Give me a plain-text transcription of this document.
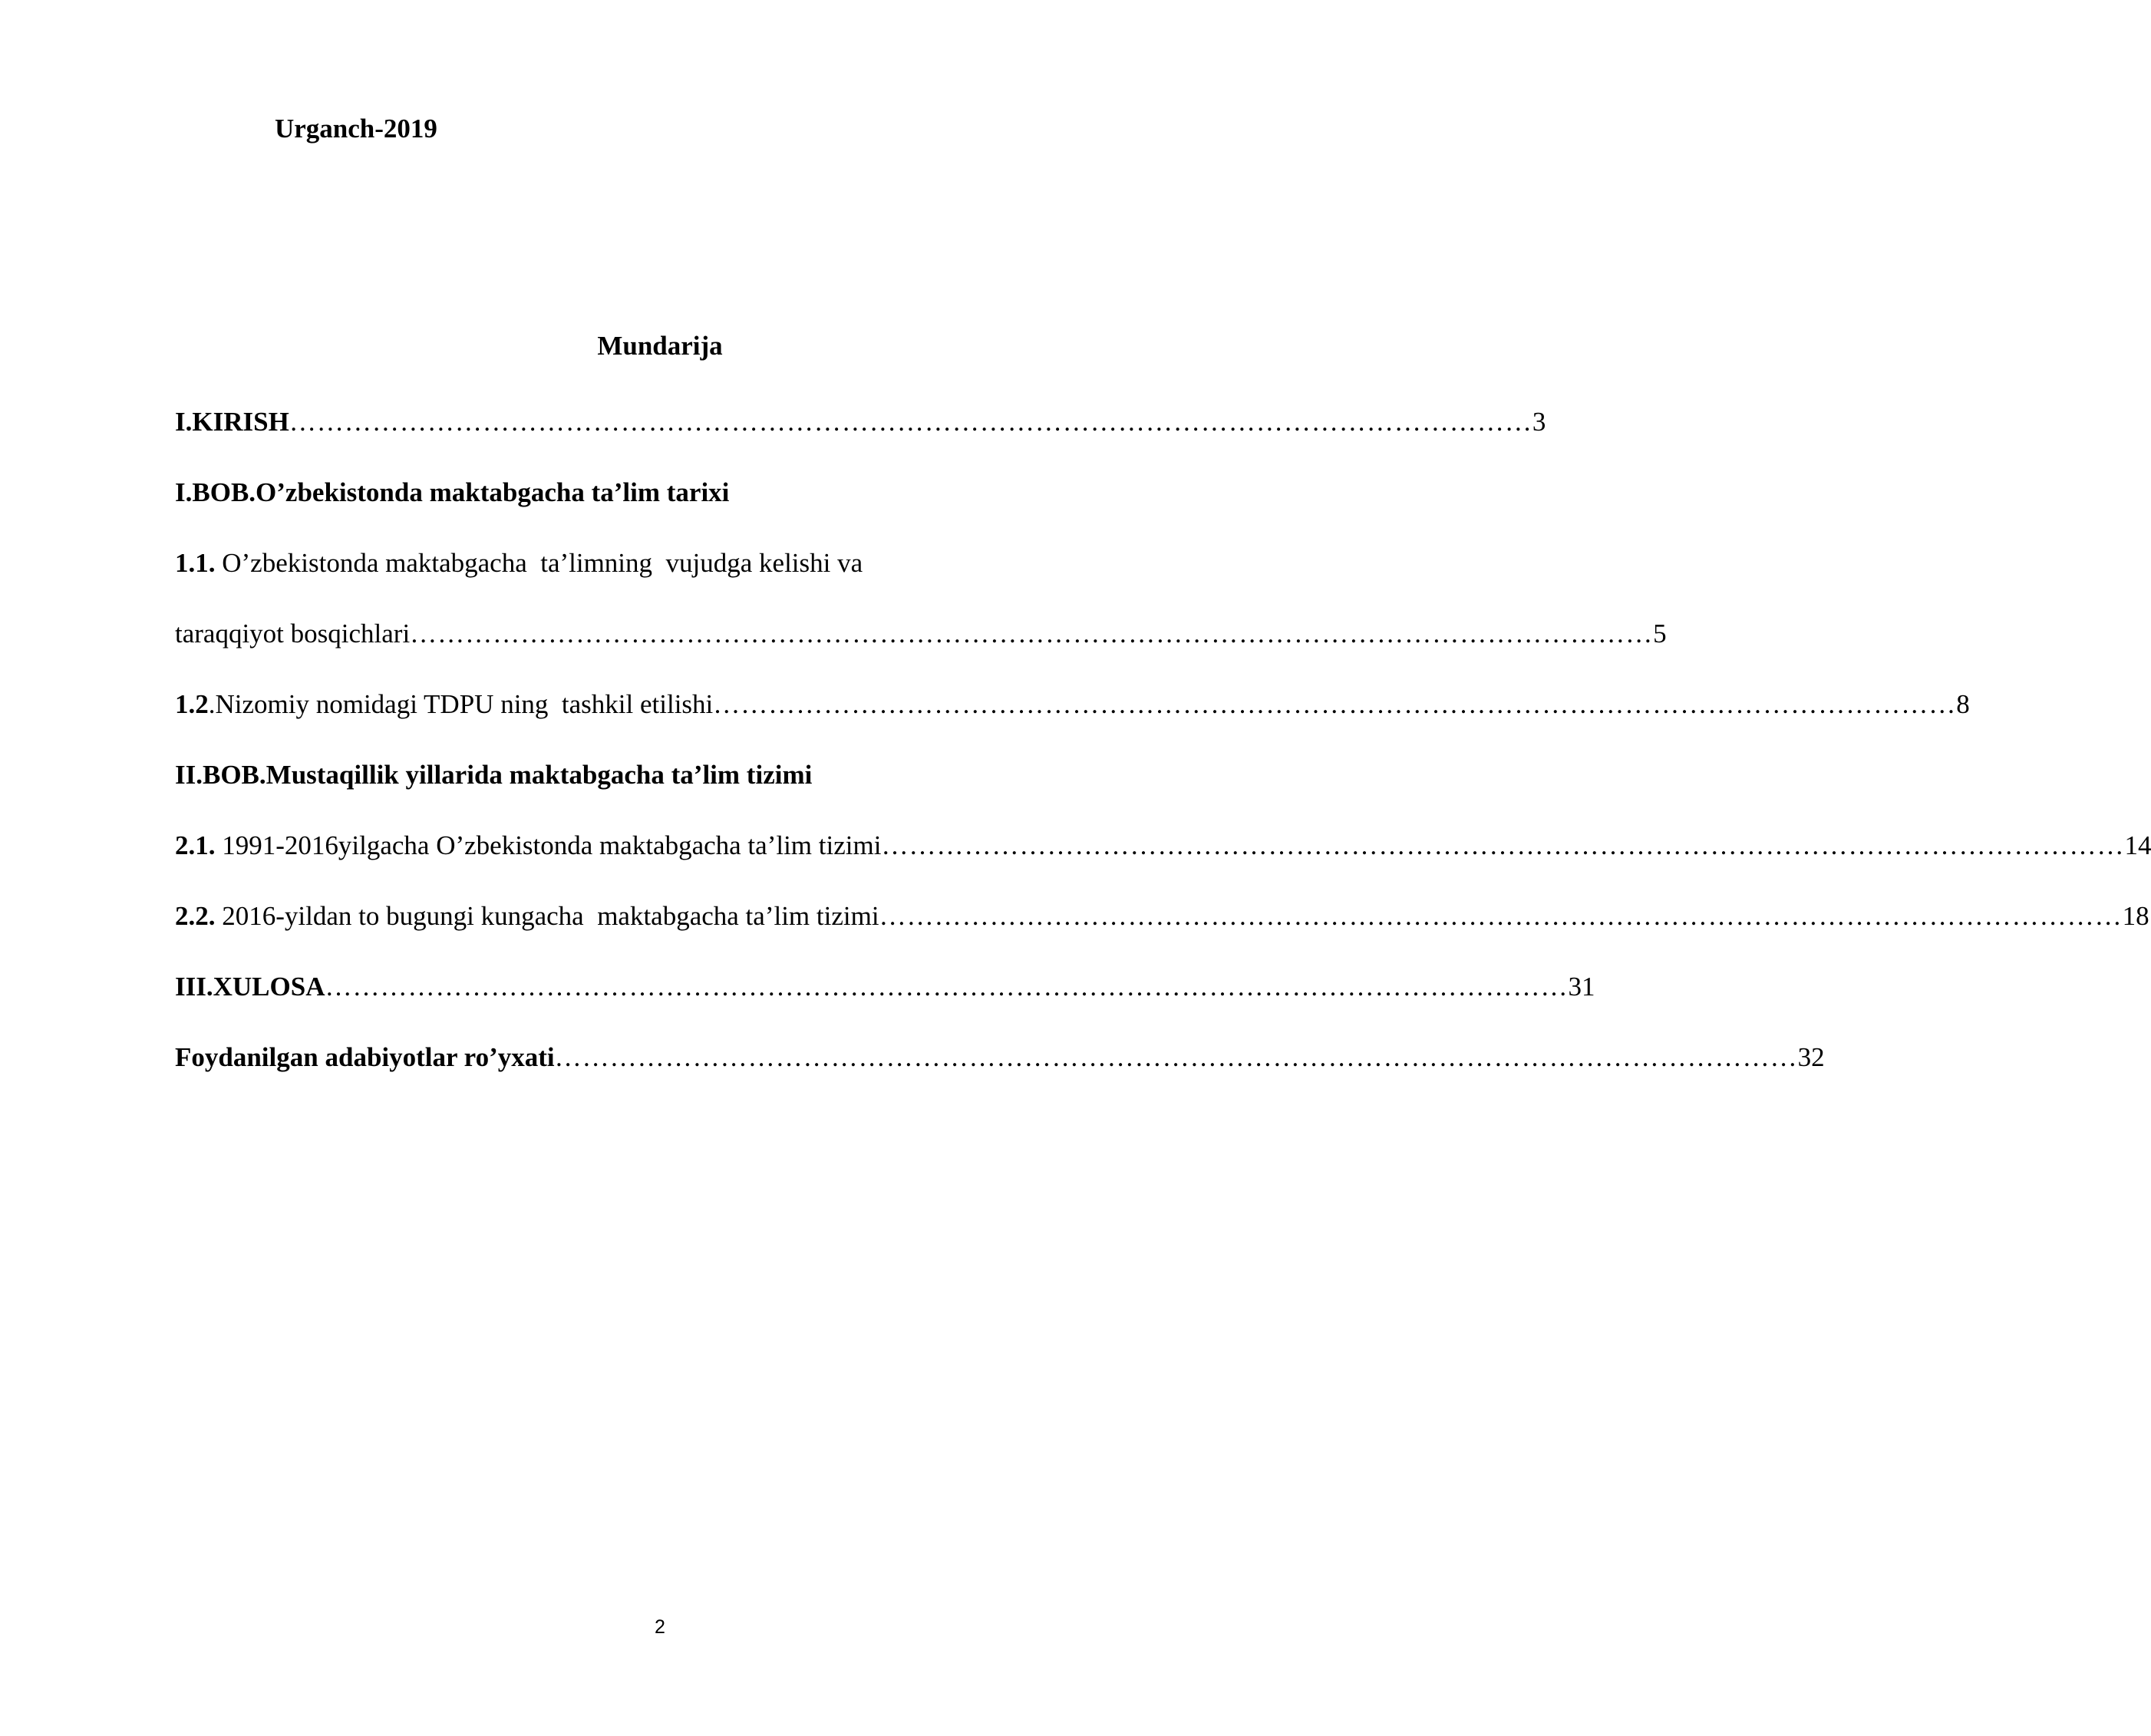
Urganch-2019
Mundarija
I.KIRISH ……………………………………………………………………………………………………………………… 3
I.BOB.O’zbekistonda maktabgacha ta’lim tarixi
1.1. O’zbekistonda maktabgacha  ta’limning  vujudga kelishi va
taraqqiyot bosqichlari ……………………………………………………………………………………………………………………… 5
1.2 .Nizomiy nomidagi TDPU ning  tashkil etilishi ……………………………………………………………………………………………………………………… 8
II.BOB.Mustaqillik yillarida maktabgacha ta’lim tizimi
2.1. 1991-2016yilgacha O’zbekistonda maktabgacha ta’lim tizimi ……………………………………………………………………………………………………………………… 14
2.2. 2016-yildan to bugungi kungacha  maktabgacha ta’lim tizimi ……………………………………………………………………………………………………………………… 18
III.XULOSA ……………………………………………………………………………………………………………………… 31
Foydanilgan adabiyotlar ro’yxati ……………………………………………………………………………………………………………………… 32
2
